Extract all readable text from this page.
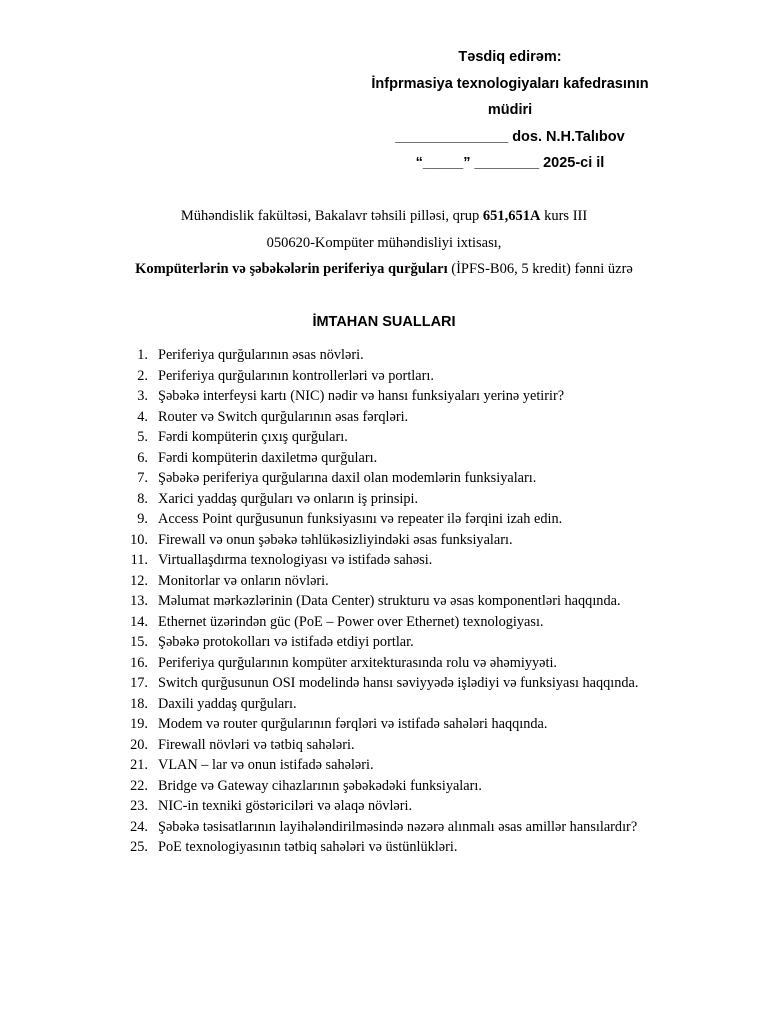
Təsdiq edirəm:
İnfprmasiya texnologiyaları kafedrasının
müdiri
______________ dos. N.H.Talıbov
“_____” ________ 2025-ci il
Mühəndislik fakültəsi, Bakalavr təhsili pilləsi, qrup 651,651A kurs III
050620-Kompüter mühəndisliyi ixtisası,
Kompüterlərin və şəbəkələrin periferiya qurğuları (İPFS-B06, 5 kredit) fənni üzrə
İMTAHAN SUALLARI
1. Periferiya qurğularının əsas növləri.
2. Periferiya qurğularının kontrollerləri və portları.
3. Şəbəkə interfeysi kartı (NIC) nədir və hansı funksiyaları yerinə yetirir?
4. Router və Switch qurğularının əsas fərqləri.
5. Fərdi kompüterin çıxış qurğuları.
6. Fərdi kompüterin daxiletmə qurğuları.
7. Şəbəkə periferiya qurğularına daxil olan modemlərin funksiyaları.
8. Xarici yaddaş qurğuları və onların iş prinsipi.
9. Access Point qurğusunun funksiyasını və repeater ilə fərqini izah edin.
10. Firewall və onun şəbəkə təhlükəsizliyindəki əsas funksiyaları.
11. Virtuallaşdırma texnologiyası və istifadə sahəsi.
12. Monitorlar və onların növləri.
13. Məlumat mərkəzlərinin (Data Center) strukturu və əsas komponentləri haqqında.
14. Ethernet üzərindən güc (PoE – Power over Ethernet) texnologiyası.
15. Şəbəkə protokolları və istifadə etdiyi portlar.
16. Periferiya qurğularının kompüter arxitekturasında rolu və əhəmiyyəti.
17. Switch qurğusunun OSI modelində hansı səviyyədə işlədiyi və funksiyası haqqında.
18. Daxili yaddaş qurğuları.
19. Modem və router qurğularının fərqləri və istifadə sahələri haqqında.
20. Firewall növləri və tətbiq sahələri.
21. VLAN – lar və onun istifadə sahələri.
22. Bridge və Gateway cihazlarının şəbəkədəki funksiyaları.
23. NIC-in texniki göstəriciləri və əlaqə növləri.
24. Şəbəkə təsisatlarının layihələndirilməsində nəzərə alınmalı əsas amillər hansılardır?
25. PoE texnologiyasının tətbiq sahələri və üstünlükləri.
